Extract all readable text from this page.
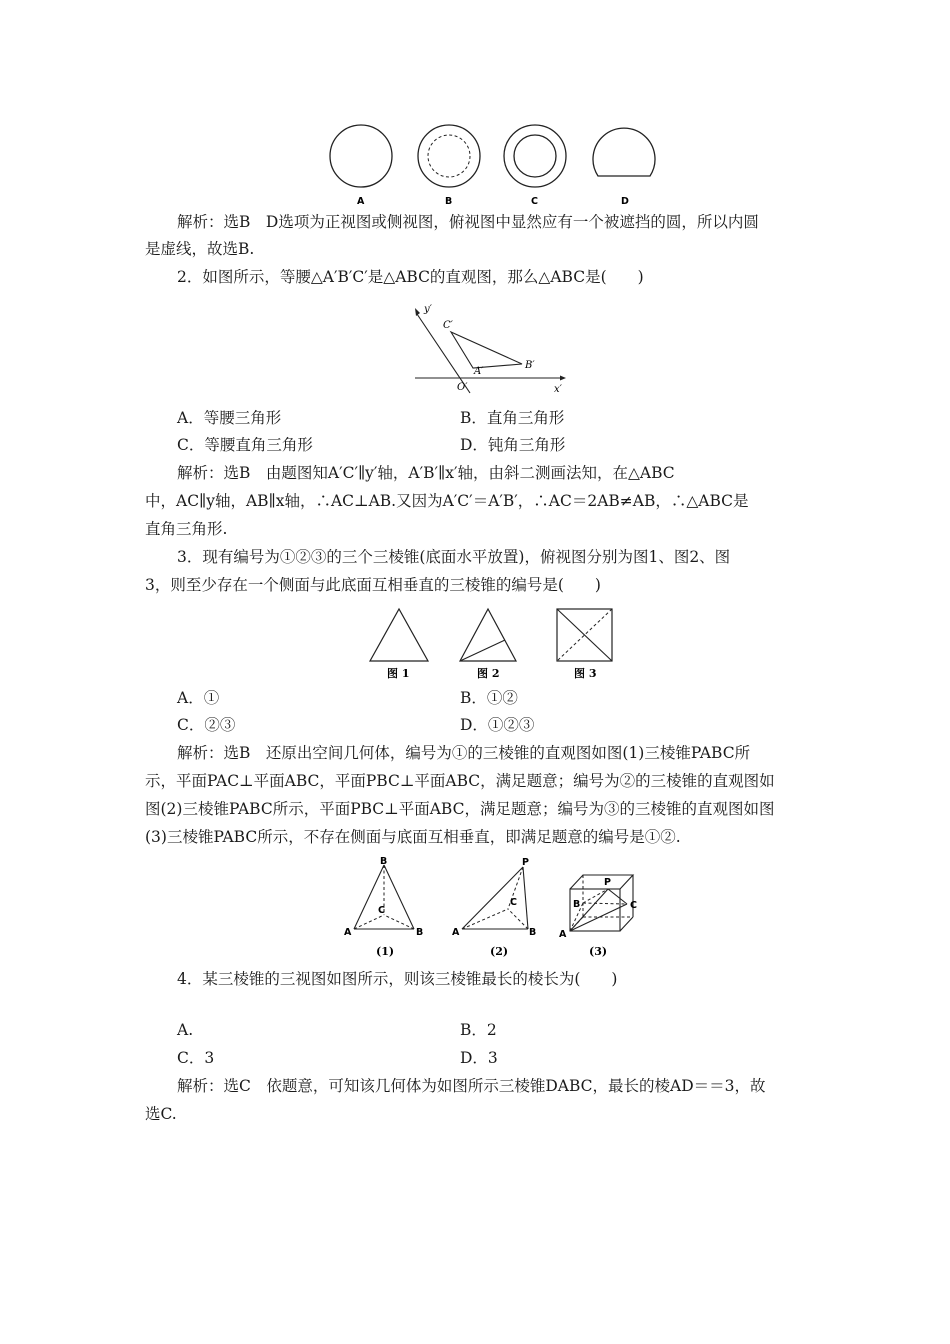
A	B	C	D
解析：选B　D选项为正视图或侧视图，俯视图中显然应有一个被遮挡的圆，所以内圆
是虚线，故选B.
2．如图所示，等腰△A′B′C′是△ABC的直观图，那么△ABC是(　　)
y′
x′
C′
B′
A′
O′
A．等腰三角形	B．直角三角形
C．等腰直角三角形	D．钝角三角形
解析：选B　由题图知A′C′∥y′轴，A′B′∥x′轴，由斜二测画法知，在△ABC
中，AC∥y轴，AB∥x轴，∴AC⊥AB.又因为A′C′＝A′B′，∴AC＝2AB≠AB，∴△ABC是
直角三角形.
3．现有编号为①②③的三个三棱锥(底面水平放置)，俯视图分别为图1、图2、图
3，则至少存在一个侧面与此底面互相垂直的三棱锥的编号是(　　)
图 1	图 2	图 3
A．①	B．①②
C．②③	D．①②③
解析：选B　还原出空间几何体，编号为①的三棱锥的直观图如图(1)三棱锥PABC所
示，平面PAC⊥平面ABC，平面PBC⊥平面ABC，满足题意；编号为②的三棱锥的直观图如
图(2)三棱锥PABC所示，平面PBC⊥平面ABC，满足题意；编号为③的三棱锥的直观图如图
(3)三棱锥PABC所示，不存在侧面与底面互相垂直，即满足题意的编号是①②.
B
C
A	B
(1)
P
C
A	B
(2)
P
B	C
A
(3)
4．某三棱锥的三视图如图所示，则该三棱锥最长的棱长为(　　)
A.	B．2
C．3	D．3
解析：选C　依题意，可知该几何体为如图所示三棱锥DABC，最长的棱AD＝＝3，故
选C.
